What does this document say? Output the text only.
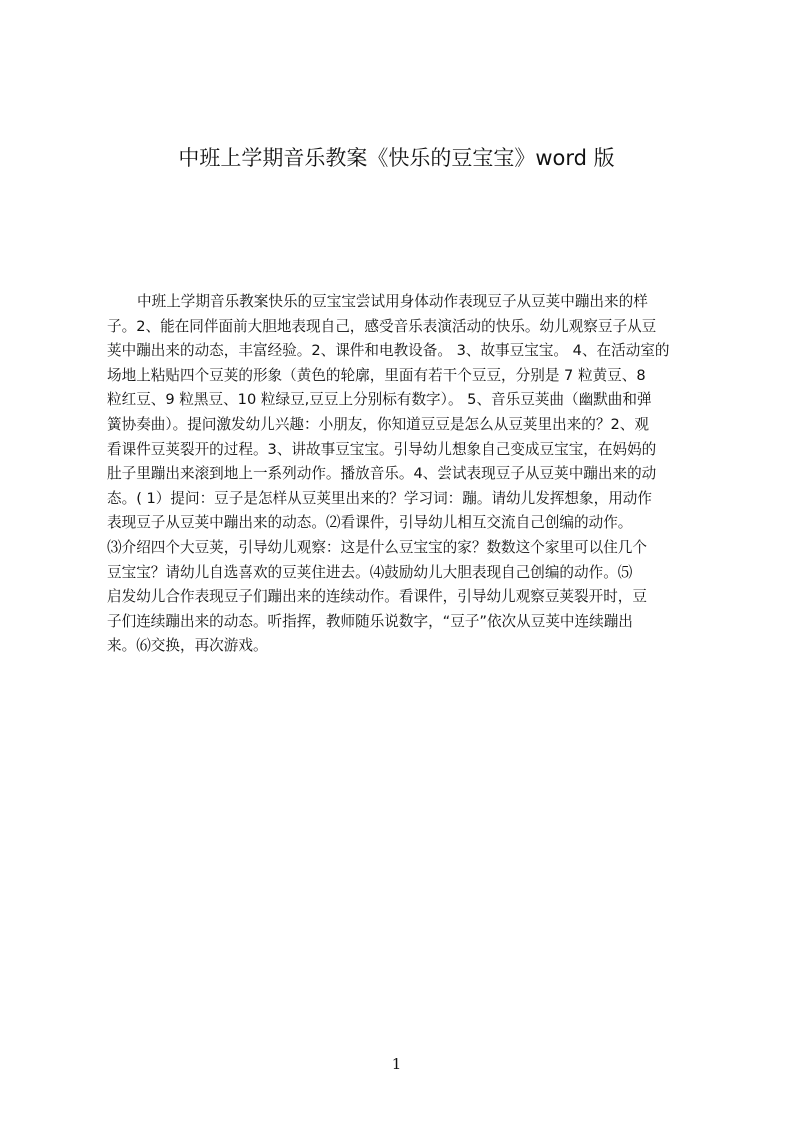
中班上学期音乐教案《快乐的豆宝宝》word 版
中班上学期音乐教案快乐的豆宝宝尝试用身体动作表现豆子从豆荚中蹦出来的样
子。2、能在同伴面前大胆地表现自己，感受音乐表演活动的快乐。幼儿观察豆子从豆
荚中蹦出来的动态，丰富经验。2、课件和电教设备。 3、故事豆宝宝。 4、在活动室的
场地上粘贴四个豆荚的形象（黄色的轮廓，里面有若干个豆豆，分别是 7 粒黄豆、8
粒红豆、9 粒黑豆、10 粒绿豆,豆豆上分别标有数字）。 5、音乐豆荚曲（幽默曲和弹
簧协奏曲）。提问激发幼儿兴趣：小朋友，你知道豆豆是怎么从豆荚里出来的？2、观
看课件豆荚裂开的过程。3、讲故事豆宝宝。引导幼儿想象自己变成豆宝宝，在妈妈的
肚子里蹦出来滚到地上一系列动作。播放音乐。4、尝试表现豆子从豆荚中蹦出来的动
态。( 1）提问：豆子是怎样从豆荚里出来的？学习词：蹦。请幼儿发挥想象，用动作
表现豆子从豆荚中蹦出来的动态。⑵看课件，引导幼儿相互交流自己创编的动作。
⑶介绍四个大豆荚，引导幼儿观察：这是什么豆宝宝的家？数数这个家里可以住几个
豆宝宝？请幼儿自选喜欢的豆荚住进去。⑷鼓励幼儿大胆表现自己创编的动作。⑸
启发幼儿合作表现豆子们蹦出来的连续动作。看课件，引导幼儿观察豆荚裂开时，豆
子们连续蹦出来的动态。听指挥，教师随乐说数字，“豆子”依次从豆荚中连续蹦出
来。⑹交换，再次游戏。
1
